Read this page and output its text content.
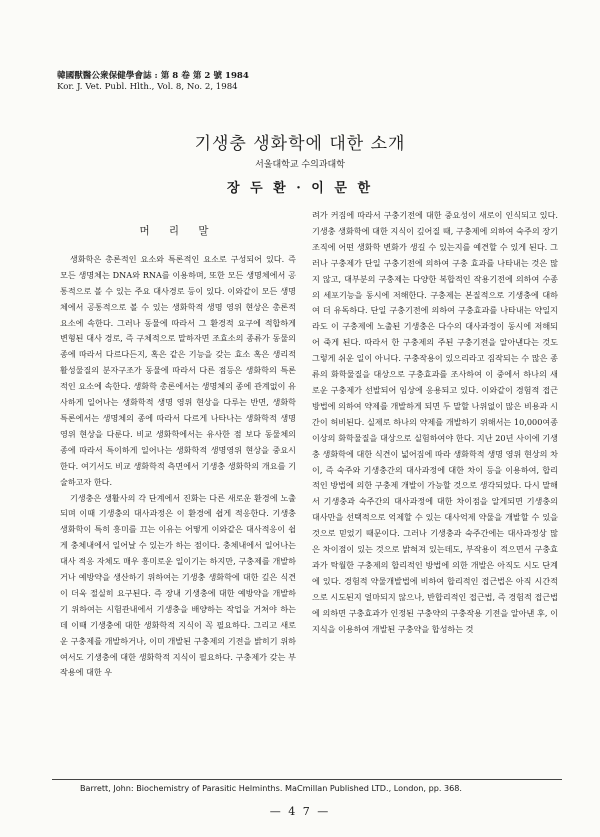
韓國獸醫公衆保健學會誌 : 第 8 卷 第 2 號 1984
Kor. J. Vet. Publ. Hlth., Vol. 8, No. 2, 1984
기생충 생화학에 대한 소개
서울대학교 수의과대학
장 두 환 · 이 문 한
머 리 말

생화학은 총론적인 요소와 특론적인 요소로 구성되어 있다. 즉 모든 생명체는 DNA와 RNA를 이용하며, 또한 모든 생명체에서 공통적으로 볼 수 있는 주요 대사경로 등이 있다. 이와같이 모든 생명체에서 공통적으로 볼 수 있는 생화학적 생명 영위 현상은 총론적 요소에 속한다. 그러나 동물에 따라서 그 환경적 요구에 적합하게 변형된 대사 경로, 즉 구체적으로 말하자면 조효소의 종류가 동물의 종에 따라서 다르다든지, 혹은 같은 기능을 갖는 효소 혹은 생리적 활성물질의 분자구조가 동물에 따라서 다른 점등은 생화학의 특론적인 요소에 속한다. 생화학 총론에서는 생명체의 종에 관계없이 유사하게 일어나는 생화학적 생명 영위 현상을 다루는 반면, 생화학 특론에서는 생명체의 종에 따라서 다르게 나타나는 생화학적 생명 영위 현상을 다룬다. 비교 생화학에서는 유사한 점 보다 동물체의 종에 따라서 특이하게 일어나는 생화학적 생명영위 현상을 중요시 한다. 여기서도 비교 생화학적 측면에서 기생충 생화학의 개요를 기술하고자 한다.

기생충은 생활사의 각 단계에서 진화는 다른 새로운 환경에 노출되며 이때 기생충의 대사과정은 이 환경에 쉽게 적응한다. 기생충 생화학이 특히 흥미를 끄는 이유는 어떻게 이와같은 대사적응이 쉽게 충체내에서 일어날 수 있는가 하는 점이다. 충체내에서 일어나는 대사 적응 자체도 매우 흥미로운 일이기는 하지만, 구충제를 개발하거나 예방약을 생산하기 위하여는 기생충 생화학에 대한 깊은 식견이 더욱 절실히 요구된다. 즉 장내 기생충에 대한 예방약을 개발하기 위하여는 시험관내에서 기생충을 배양하는 작업을 거쳐야 하는데 이때 기생충에 대한 생화학적 지식이 꼭 필요하다. 그리고 새로운 구충제를 개발하거나, 이미 개발된 구충제의 기전을 밝히기 위하여서도 기생충에 대한 생화학적 지식이 필요하다. 구충제가 갖는 부작용에 대한 우

려가 커짐에 따라서 구충기전에 대한 중요성이 새로이 인식되고 있다. 기생충 생화학에 대한 지식이 깊어질 때, 구충제에 의하여 숙주의 장기 조직에 어떤 생화학 변화가 생길 수 있는지를 예견할 수 있게 된다. 그러나 구충제가 단일 구충기전에 의하여 구충 효과를 나타내는 것은 많지 않고, 대부분의 구충제는 다양한 복합적인 작용기전에 의하여 수종의 세포기능을 동시에 저해한다. 구충제는 본질적으로 기생충에 대하여 더 유독하다. 단일 구충기전에 의하여 구충효과를 나타내는 약일지라도 이 구충제에 노출된 기생충은 다수의 대사과정이 동시에 저해되어 죽게 된다. 따라서 한 구충제의 주된 구충기전을 알아낸다는 것도 그렇게 쉬운 일이 아니다. 구충작용이 있으리라고 짐작되는 수 많은 종류의 화학물질을 대상으로 구충효과를 조사하여 이 중에서 하나의 새로운 구충제가 선발되어 임상에 응용되고 있다. 이와같이 경험적 접근 방법에 의하여 약제를 개발하게 되면 두 말할 나위없이 많은 비용과 시간이 허비된다. 실제로 하나의 약제를 개발하기 위해서는 10,000여종 이상의 화학물질을 대상으로 실험하여야 한다. 지난 20년 사이에 기생충 생화학에 대한 식견이 넓어짐에 따라 생화학적 생명 영위 현상의 차이, 즉 숙주와 기생충간의 대사과정에 대한 차이 등을 이용하여, 합리적인 방법에 의한 구충제 개발이 가능할 것으로 생각되었다. 다시 말해서 기생충과 숙주간의 대사과정에 대한 차이점을 알게되면 기생충의 대사만을 선택적으로 억제할 수 있는 대사억제 약물을 개발할 수 있을 것으로 믿었기 때문이다. 그러나 기생충과 숙주간에는 대사과정상 많은 차이점이 있는 것으로 밝혀져 있는데도, 부작용이 적으면서 구충효과가 탁월한 구충제의 합리적인 방법에 의한 개발은 아직도 시도 단계에 있다. 경험적 약물개발법에 비하여 합리적인 접근법은 아직 시간적으로 시도된지 얼마되지 않으나, 반합리적인 접근법, 즉 경험적 접근법에 의하면 구충효과가 인정된 구충약의 구충작용 기전을 알아낸 후, 이 지식을 이용하여 개발된 구충약을 합성하는 것

Barrett, John: Biochemistry of Parasitic Helminths. MaCmillan Published LTD., London, pp. 368.
— 4 7 —
